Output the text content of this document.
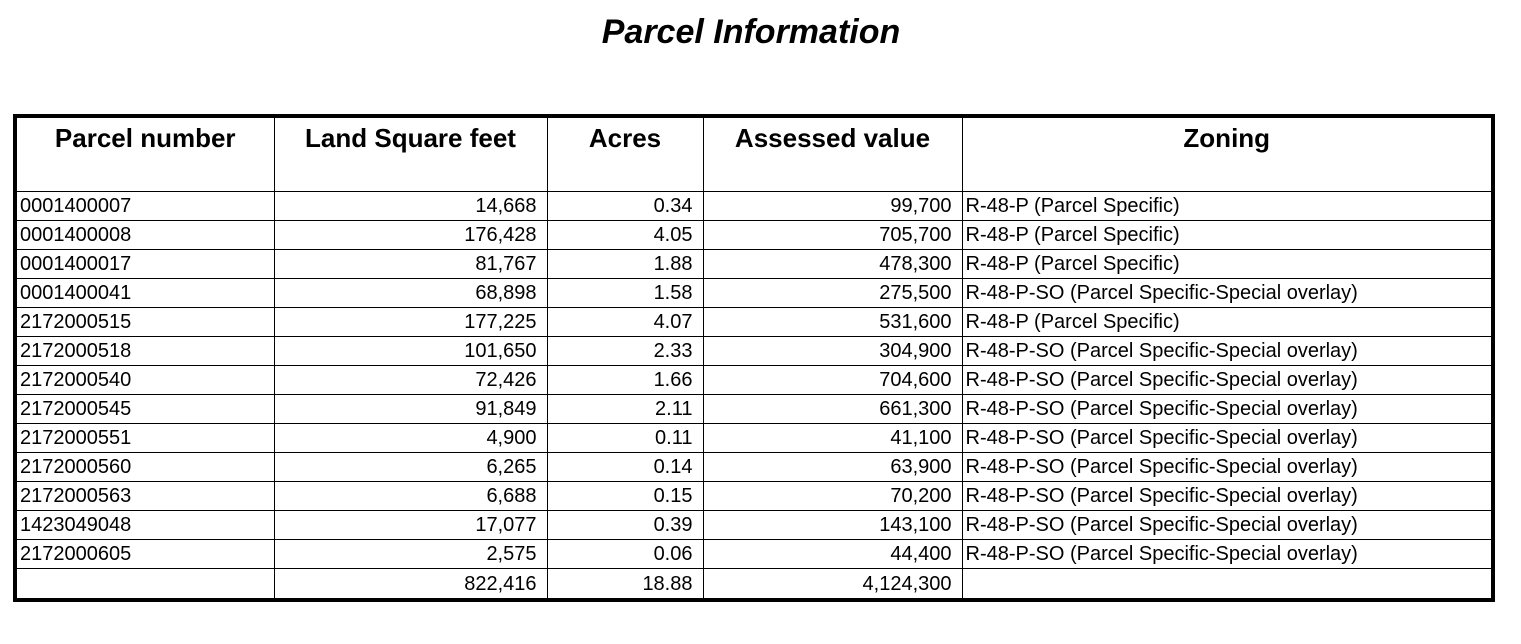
Parcel Information
Parcel number	Land Square feet	Acres	Assessed value	Zoning
0001400007	14,668	0.34	99,700	R-48-P (Parcel Specific)
0001400008	176,428	4.05	705,700	R-48-P (Parcel Specific)
0001400017	81,767	1.88	478,300	R-48-P (Parcel Specific)
0001400041	68,898	1.58	275,500	R-48-P-SO (Parcel Specific-Special overlay)
2172000515	177,225	4.07	531,600	R-48-P (Parcel Specific)
2172000518	101,650	2.33	304,900	R-48-P-SO (Parcel Specific-Special overlay)
2172000540	72,426	1.66	704,600	R-48-P-SO (Parcel Specific-Special overlay)
2172000545	91,849	2.11	661,300	R-48-P-SO (Parcel Specific-Special overlay)
2172000551	4,900	0.11	41,100	R-48-P-SO (Parcel Specific-Special overlay)
2172000560	6,265	0.14	63,900	R-48-P-SO (Parcel Specific-Special overlay)
2172000563	6,688	0.15	70,200	R-48-P-SO (Parcel Specific-Special overlay)
1423049048	17,077	0.39	143,100	R-48-P-SO (Parcel Specific-Special overlay)
2172000605	2,575	0.06	44,400	R-48-P-SO (Parcel Specific-Special overlay)
	822,416	18.88	4,124,300	
